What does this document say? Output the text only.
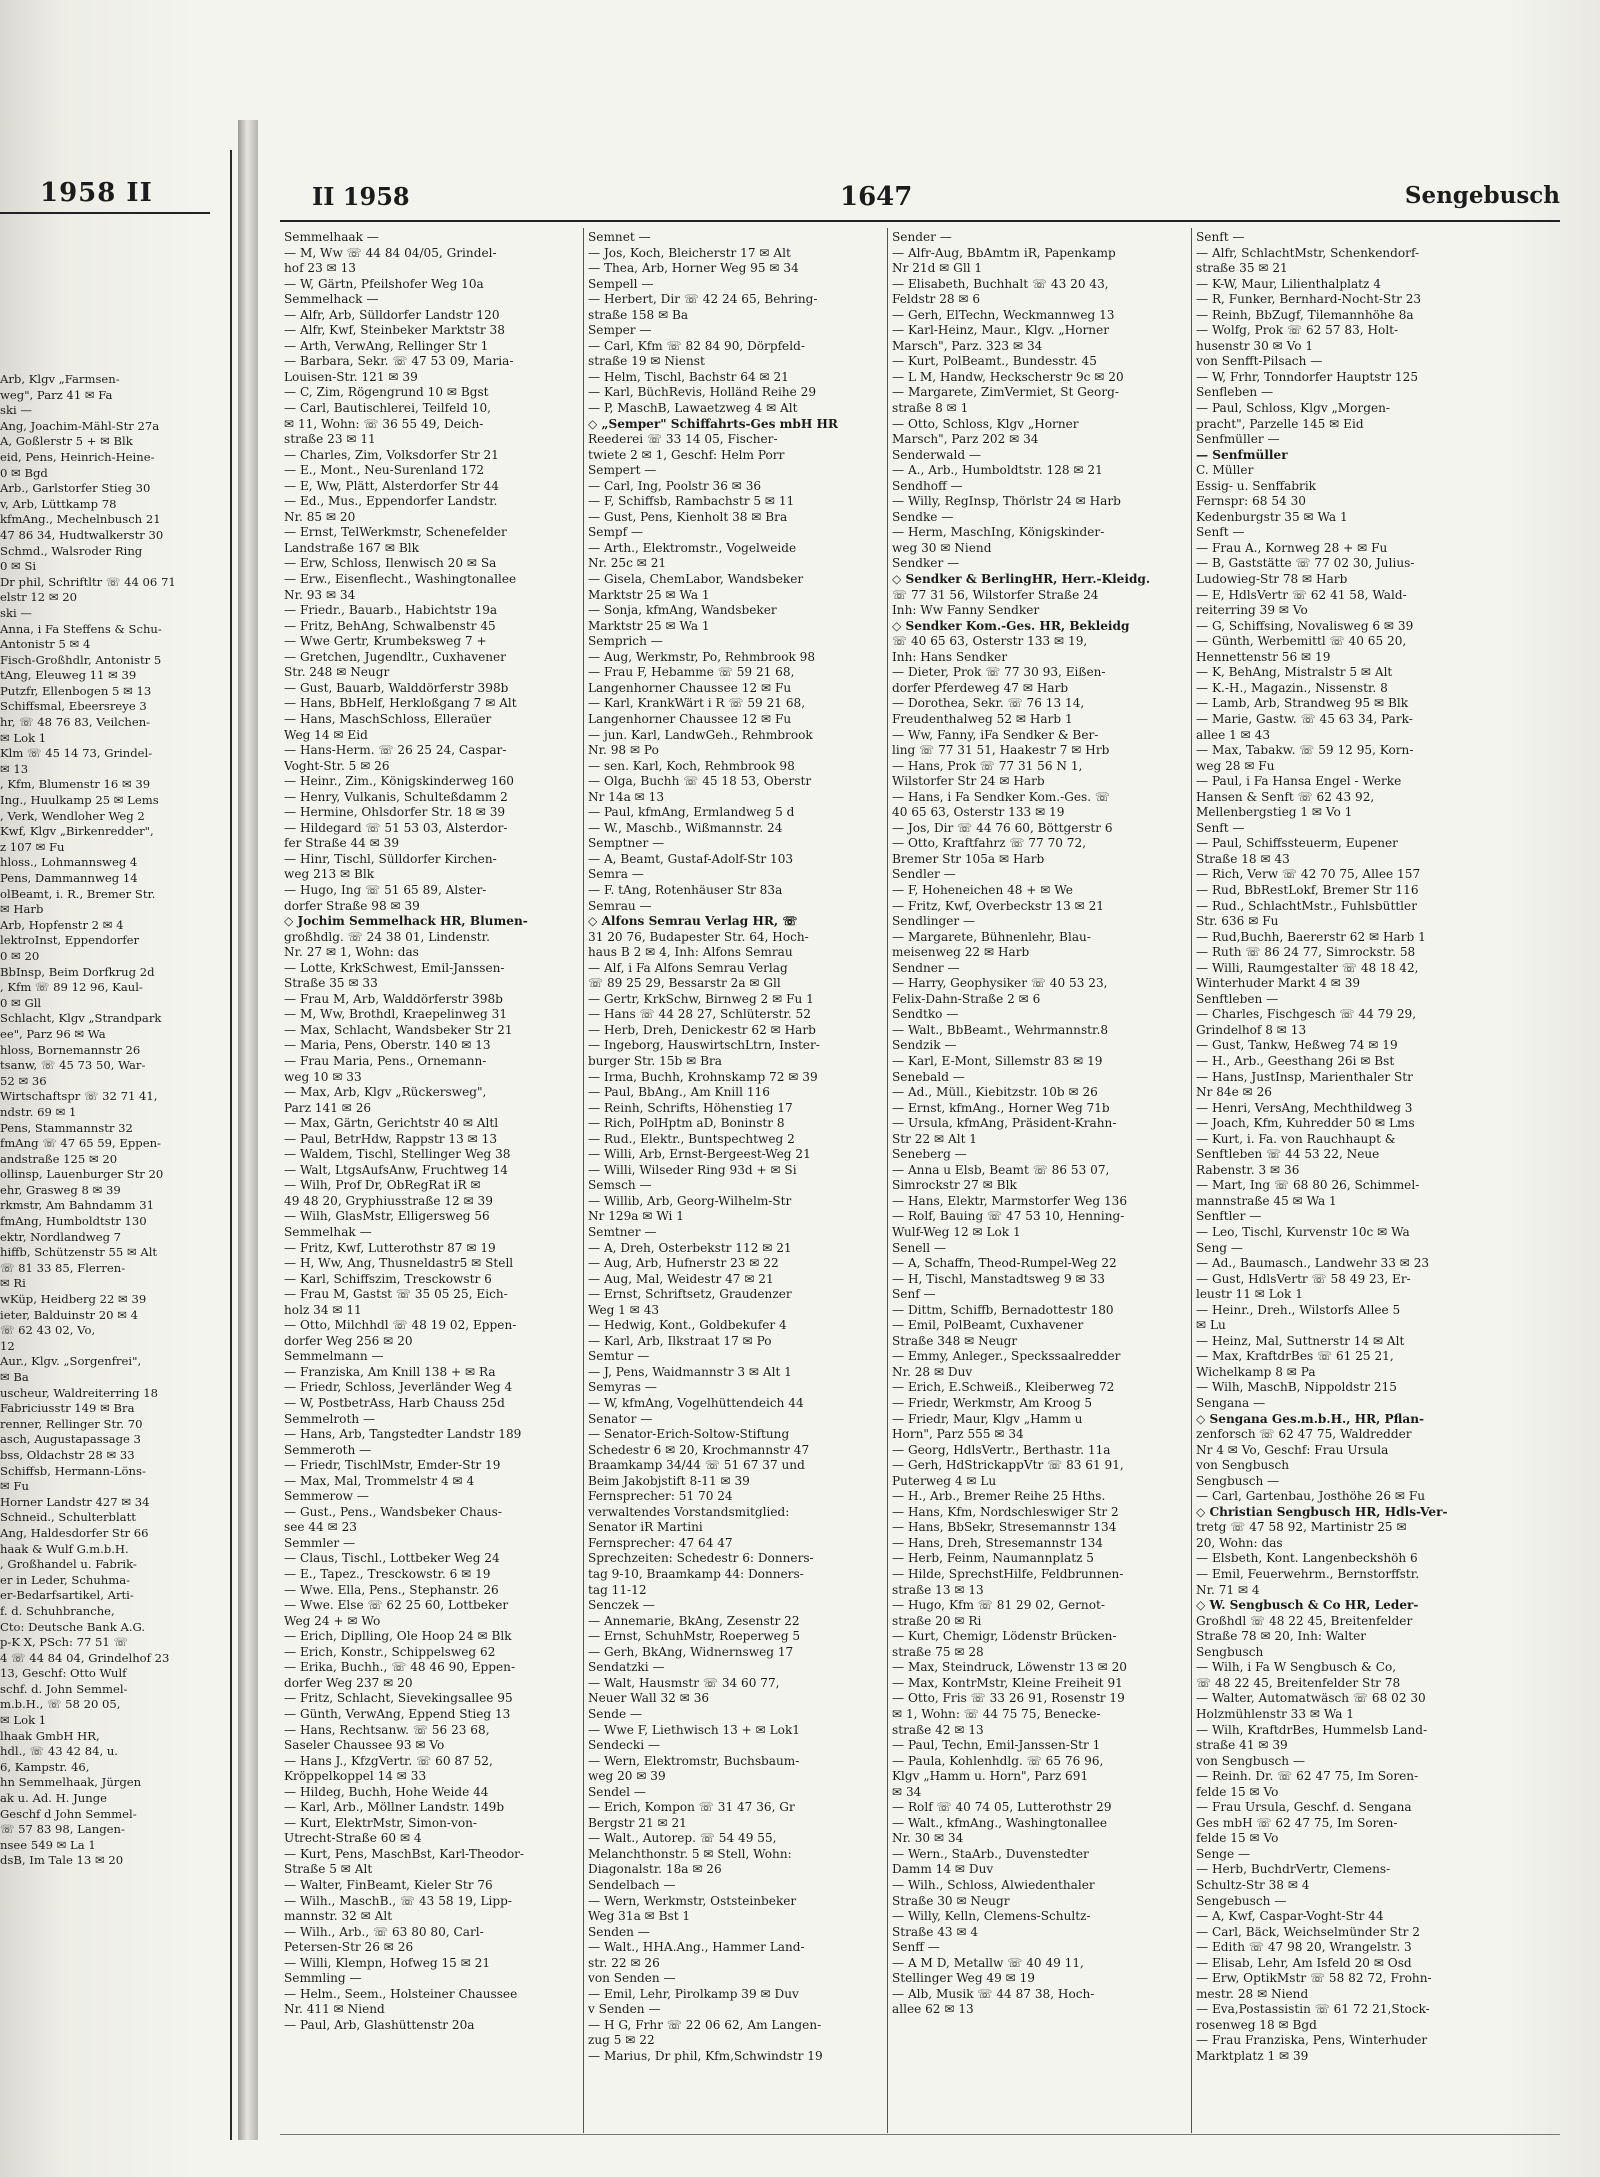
1958 II
Arb, Klgv „Farmsen-
weg", Parz 41 ✉ Fa
ski —
Ang, Joachim-Mähl-Str 27a
A, Goßlerstr 5 + ✉ Blk
eid, Pens, Heinrich-Heine-
0 ✉ Bgd
Arb., Garlstorfer Stieg 30
v, Arb, Lüttkamp 78
kfmAng., Mechelnbusch 21
47 86 34, Hudtwalkerstr 30
Schmd., Walsroder Ring
0 ✉ Si
Dr phil, Schriftltr ☏ 44 06 71
elstr 12 ✉ 20
ski —
Anna, i Fa Steffens & Schu-
Antonistr 5 ✉ 4
Fisch-Großhdlr, Antonistr 5
tAng, Eleuweg 11 ✉ 39
Putzfr, Ellenbogen 5 ✉ 13
Schiffsmal, Ebeersreye 3
hr, ☏ 48 76 83, Veilchen-
✉ Lok 1
Klm ☏ 45 14 73, Grindel-
✉ 13
, Kfm, Blumenstr 16 ✉ 39
Ing., Huulkamp 25 ✉ Lems
, Verk, Wendloher Weg 2
Kwf, Klgv „Birkenredder",
z 107 ✉ Fu
hloss., Lohmannsweg 4
Pens, Dammannweg 14
olBeamt, i. R., Bremer Str.
✉ Harb
Arb, Hopfenstr 2 ✉ 4
lektroInst, Eppendorfer
0 ✉ 20
BbInsp, Beim Dorfkrug 2d
, Kfm ☏ 89 12 96, Kaul-
0 ✉ Gll
Schlacht, Klgv „Strandpark
ee", Parz 96 ✉ Wa
hloss, Bornemannstr 26
tsanw, ☏ 45 73 50, War-
52 ✉ 36
Wirtschaftspr ☏ 32 71 41,
ndstr. 69 ✉ 1
Pens, Stammannstr 32
fmAng ☏ 47 65 59, Eppen-
andstraße 125 ✉ 20
ollinsp, Lauenburger Str 20
ehr, Grasweg 8 ✉ 39
rkmstr, Am Bahndamm 31
fmAng, Humboldtstr 130
ektr, Nordlandweg 7
hiffb, Schützenstr 55 ✉ Alt
☏ 81 33 85, Flerren-
✉ Ri
wKüp, Heidberg 22 ✉ 39
ieter, Balduinstr 20 ✉ 4
☏ 62 43 02, Vo,
12
Aur., Klgv. „Sorgenfrei",
✉ Ba
uscheur, Waldreiterring 18
Fabriciusstr 149 ✉ Bra
renner, Rellinger Str. 70
asch, Augustapassage 3
bss, Oldachstr 28 ✉ 33
Schiffsb, Hermann-Löns-
✉ Fu
Horner Landstr 427 ✉ 34
Schneid., Schulterblatt
Ang, Haldesdorfer Str 66
haak & Wulf G.m.b.H.
, Großhandel u. Fabrik-
er in Leder, Schuhma-
er-Bedarfsartikel, Arti-
f. d. Schuhbranche,
Cto: Deutsche Bank A.G.
p-K X, PSch: 77 51 ☏
4 ☏ 44 84 04, Grindelhof 23
13, Geschf: Otto Wulf
schf. d. John Semmel-
m.b.H., ☏ 58 20 05,
✉ Lok 1
lhaak GmbH HR,
hdl., ☏ 43 42 84, u.
6, Kampstr. 46,
hn Semmelhaak, Jürgen
ak u. Ad. H. Junge
Geschf d John Semmel-
☏ 57 83 98, Langen-
nsee 549 ✉ La 1
dsB, Im Tale 13 ✉ 20
II 1958	1647	Sengebusch
Semmelhaak —
— M, Ww ☏ 44 84 04/05, Grindel-
hof 23 ✉ 13
— W, Gärtn, Pfeilshofer Weg 10a
Semmelhack —
— Alfr, Arb, Sülldorfer Landstr 120
— Alfr, Kwf, Steinbeker Marktstr 38
— Arth, VerwAng, Rellinger Str 1
— Barbara, Sekr. ☏ 47 53 09, Maria-
Louisen-Str. 121 ✉ 39
— C, Zim, Rögengrund 10 ✉ Bgst
— Carl, Bautischlerei, Teilfeld 10,
✉ 11, Wohn: ☏ 36 55 49, Deich-
straße 23 ✉ 11
— Charles, Zim, Volksdorfer Str 21
— E., Mont., Neu-Surenland 172
— E, Ww, Plätt, Alsterdorfer Str 44
— Ed., Mus., Eppendorfer Landstr.
Nr. 85 ✉ 20
— Ernst, TelWerkmstr, Schenefelder
Landstraße 167 ✉ Blk
— Erw, Schloss, Ilenwisch 20 ✉ Sa
— Erw., Eisenflecht., Washingtonallee
Nr. 93 ✉ 34
— Friedr., Bauarb., Habichtstr 19a
— Fritz, BehAng, Schwalbenstr 45
— Wwe Gertr, Krumbeksweg 7 +
— Gretchen, Jugendltr., Cuxhavener
Str. 248 ✉ Neugr
— Gust, Bauarb, Walddörferstr 398b
— Hans, BbHelf, Herkloßgang 7 ✉ Alt
— Hans, MaschSchloss, Elleraüer
Weg 14 ✉ Eid
— Hans-Herm. ☏ 26 25 24, Caspar-
Voght-Str. 5 ✉ 26
— Heinr., Zim., Königskinderweg 160
— Henry, Vulkanis, Schulteßdamm 2
— Hermine, Ohlsdorfer Str. 18 ✉ 39
— Hildegard ☏ 51 53 03, Alsterdor-
fer Straße 44 ✉ 39
— Hinr, Tischl, Sülldorfer Kirchen-
weg 213 ✉ Blk
— Hugo, Ing ☏ 51 65 89, Alster-
dorfer Straße 98 ✉ 39
◇ Jochim Semmelhack HR, Blumen-
großhdlg. ☏ 24 38 01, Lindenstr.
Nr. 27 ✉ 1, Wohn: das
— Lotte, KrkSchwest, Emil-Janssen-
Straße 35 ✉ 33
— Frau M, Arb, Walddörferstr 398b
— M, Ww, Brothdl, Kraepelinweg 31
— Max, Schlacht, Wandsbeker Str 21
— Maria, Pens, Oberstr. 140 ✉ 13
— Frau Maria, Pens., Ornemann-
weg 10 ✉ 33
— Max, Arb, Klgv „Rückersweg",
Parz 141 ✉ 26
— Max, Gärtn, Gerichtstr 40 ✉ Altl
— Paul, BetrHdw, Rappstr 13 ✉ 13
— Waldem, Tischl, Stellinger Weg 38
— Walt, LtgsAufsAnw, Fruchtweg 14
— Wilh, Prof Dr, ObRegRat iR ✉
49 48 20, Gryphiusstraße 12 ✉ 39
— Wilh, GlasMstr, Elligersweg 56
Semmelhak —
— Fritz, Kwf, Lutterothstr 87 ✉ 19
— H, Ww, Ang, Thusneldastr5 ✉ Stell
— Karl, Schiffszim, Tresckowstr 6
— Frau M, Gastst ☏ 35 05 25, Eich-
holz 34 ✉ 11
— Otto, Milchhdl ☏ 48 19 02, Eppen-
dorfer Weg 256 ✉ 20
Semmelmann —
— Franziska, Am Knill 138 + ✉ Ra
— Friedr, Schloss, Jeverländer Weg 4
— W, PostbetrAss, Harb Chauss 25d
Semmelroth —
— Hans, Arb, Tangstedter Landstr 189
Semmeroth —
— Friedr, TischlMstr, Emder-Str 19
— Max, Mal, Trommelstr 4 ✉ 4
Semmerow —
— Gust., Pens., Wandsbeker Chaus-
see 44 ✉ 23
Semmler —
— Claus, Tischl., Lottbeker Weg 24
— E., Tapez., Tresckowstr. 6 ✉ 19
— Wwe. Ella, Pens., Stephanstr. 26
— Wwe. Else ☏ 62 25 60, Lottbeker
Weg 24 + ✉ Wo
— Erich, Diplling, Ole Hoop 24 ✉ Blk
— Erich, Konstr., Schippelsweg 62
— Erika, Buchh., ☏ 48 46 90, Eppen-
dorfer Weg 237 ✉ 20
— Fritz, Schlacht, Sievekingsallee 95
— Günth, VerwAng, Eppend Stieg 13
— Hans, Rechtsanw. ☏ 56 23 68,
Saseler Chaussee 93 ✉ Vo
— Hans J., KfzgVertr. ☏ 60 87 52,
Kröppelkoppel 14 ✉ 33
— Hildeg, Buchh, Hohe Weide 44
— Karl, Arb., Möllner Landstr. 149b
— Kurt, ElektrMstr, Simon-von-
Utrecht-Straße 60 ✉ 4
— Kurt, Pens, MaschBst, Karl-Theodor-
Straße 5 ✉ Alt
— Walter, FinBeamt, Kieler Str 76
— Wilh., MaschB., ☏ 43 58 19, Lipp-
mannstr. 32 ✉ Alt
— Wilh., Arb., ☏ 63 80 80, Carl-
Petersen-Str 26 ✉ 26
— Willi, Klempn, Hofweg 15 ✉ 21
Semmling —
— Helm., Seem., Holsteiner Chaussee
Nr. 411 ✉ Niend
— Paul, Arb, Glashüttenstr 20a
Semnet —
— Jos, Koch, Bleicherstr 17 ✉ Alt
— Thea, Arb, Horner Weg 95 ✉ 34
Sempell —
— Herbert, Dir ☏ 42 24 65, Behring-
straße 158 ✉ Ba
Semper —
— Carl, Kfm ☏ 82 84 90, Dörpfeld-
straße 19 ✉ Nienst
— Helm, Tischl, Bachstr 64 ✉ 21
— Karl, BüchRevis, Holländ Reihe 29
— P, MaschB, Lawaetzweg 4 ✉ Alt
◇ „Semper" Schiffahrts-Ges mbH HR
Reederei ☏ 33 14 05, Fischer-
twiete 2 ✉ 1, Geschf: Helm Porr
Sempert —
— Carl, Ing, Poolstr 36 ✉ 36
— F, Schiffsb, Rambachstr 5 ✉ 11
— Gust, Pens, Kienholt 38 ✉ Bra
Sempf —
— Arth., Elektromstr., Vogelweide
Nr. 25c ✉ 21
— Gisela, ChemLabor, Wandsbeker
Marktstr 25 ✉ Wa 1
— Sonja, kfmAng, Wandsbeker
Marktstr 25 ✉ Wa 1
Semprich —
— Aug, Werkmstr, Po, Rehmbrook 98
— Frau F, Hebamme ☏ 59 21 68,
Langenhorner Chaussee 12 ✉ Fu
— Karl, KrankWärt i R ☏ 59 21 68,
Langenhorner Chaussee 12 ✉ Fu
— jun. Karl, LandwGeh., Rehmbrook
Nr. 98 ✉ Po
— sen. Karl, Koch, Rehmbrook 98
— Olga, Buchh ☏ 45 18 53, Oberstr
Nr 14a ✉ 13
— Paul, kfmAng, Ermlandweg 5 d
— W., Maschb., Wißmannstr. 24
Semptner —
— A, Beamt, Gustaf-Adolf-Str 103
Semra —
— F. tAng, Rotenhäuser Str 83a
Semrau —
◇ Alfons Semrau Verlag HR, ☏
31 20 76, Budapester Str. 64, Hoch-
haus B 2 ✉ 4, Inh: Alfons Semrau
— Alf, i Fa Alfons Semrau Verlag
☏ 89 25 29, Bessarstr 2a ✉ Gll
— Gertr, KrkSchw, Birnweg 2 ✉ Fu 1
— Hans ☏ 44 28 27, Schlüterstr. 52
— Herb, Dreh, Denickestr 62 ✉ Harb
— Ingeborg, HauswirtschLtrn, Inster-
burger Str. 15b ✉ Bra
— Irma, Buchh, Krohnskamp 72 ✉ 39
— Paul, BbAng., Am Knill 116
— Reinh, Schrifts, Höhenstieg 17
— Rich, PolHptm aD, Boninstr 8
— Rud., Elektr., Buntspechtweg 2
— Willi, Arb, Ernst-Bergeest-Weg 21
— Willi, Wilseder Ring 93d + ✉ Si
Semsch —
— Willib, Arb, Georg-Wilhelm-Str
Nr 129a ✉ Wi 1
Semtner —
— A, Dreh, Osterbekstr 112 ✉ 21
— Aug, Arb, Hufnerstr 23 ✉ 22
— Aug, Mal, Weidestr 47 ✉ 21
— Ernst, Schriftsetz, Graudenzer
Weg 1 ✉ 43
— Hedwig, Kont., Goldbekufer 4
— Karl, Arb, Ilkstraat 17 ✉ Po
Semtur —
— J, Pens, Waidmannstr 3 ✉ Alt 1
Semyras —
— W, kfmAng, Vogelhüttendeich 44
Senator —
— Senator-Erich-Soltow-Stiftung
Schedestr 6 ✉ 20, Krochmannstr 47
Braamkamp 34/44 ☏ 51 67 37 und
Beim Jakobjstift 8-11 ✉ 39
Fernsprecher: 51 70 24
verwaltendes Vorstandsmitglied:
Senator iR Martini
Fernsprecher: 47 64 47
Sprechzeiten: Schedestr 6: Donners-
tag 9-10, Braamkamp 44: Donners-
tag 11-12
Senczek —
— Annemarie, BkAng, Zesenstr 22
— Ernst, SchuhMstr, Roeperweg 5
— Gerh, BkAng, Widnernsweg 17
Sendatzki —
— Walt, Hausmstr ☏ 34 60 77,
Neuer Wall 32 ✉ 36
Sende —
— Wwe F, Liethwisch 13 + ✉ Lok1
Sendecki —
— Wern, Elektromstr, Buchsbaum-
weg 20 ✉ 39
Sendel —
— Erich, Kompon ☏ 31 47 36, Gr
Bergstr 21 ✉ 21
— Walt., Autorep. ☏ 54 49 55,
Melanchthonstr. 5 ✉ Stell, Wohn:
Diagonalstr. 18a ✉ 26
Sendelbach —
— Wern, Werkmstr, Oststeinbeker
Weg 31a ✉ Bst 1
Senden —
— Walt., HHA.Ang., Hammer Land-
str. 22 ✉ 26
von Senden —
— Emil, Lehr, Pirolkamp 39 ✉ Duv
v Senden —
— H G, Frhr ☏ 22 06 62, Am Langen-
zug 5 ✉ 22
— Marius, Dr phil, Kfm,Schwindstr 19
Sender —
— Alfr-Aug, BbAmtm iR, Papenkamp
Nr 21d ✉ Gll 1
— Elisabeth, Buchhalt ☏ 43 20 43,
Feldstr 28 ✉ 6
— Gerh, ElTechn, Weckmannweg 13
— Karl-Heinz, Maur., Klgv. „Horner
Marsch", Parz. 323 ✉ 34
— Kurt, PolBeamt., Bundesstr. 45
— L M, Handw, Heckscherstr 9c ✉ 20
— Margarete, ZimVermiet, St Georg-
straße 8 ✉ 1
— Otto, Schloss, Klgv „Horner
Marsch", Parz 202 ✉ 34
Senderwald —
— A., Arb., Humboldtstr. 128 ✉ 21
Sendhoff —
— Willy, RegInsp, Thörlstr 24 ✉ Harb
Sendke —
— Herm, MaschIng, Königskinder-
weg 30 ✉ Niend
Sendker —
◇ Sendker & BerlingHR, Herr.-Kleidg.
☏ 77 31 56, Wilstorfer Straße 24
Inh: Ww Fanny Sendker
◇ Sendker Kom.-Ges. HR, Bekleidg
☏ 40 65 63, Osterstr 133 ✉ 19,
Inh: Hans Sendker
— Dieter, Prok ☏ 77 30 93, Eißen-
dorfer Pferdeweg 47 ✉ Harb
— Dorothea, Sekr. ☏ 76 13 14,
Freudenthalweg 52 ✉ Harb 1
— Ww, Fanny, iFa Sendker & Ber-
ling ☏ 77 31 51, Haakestr 7 ✉ Hrb
— Hans, Prok ☏ 77 31 56 N 1,
Wilstorfer Str 24 ✉ Harb
— Hans, i Fa Sendker Kom.-Ges. ☏
40 65 63, Osterstr 133 ✉ 19
— Jos, Dir ☏ 44 76 60, Böttgerstr 6
— Otto, Kraftfahrz ☏ 77 70 72,
Bremer Str 105a ✉ Harb
Sendler —
— F, Hoheneichen 48 + ✉ We
— Fritz, Kwf, Overbeckstr 13 ✉ 21
Sendlinger —
— Margarete, Bühnenlehr, Blau-
meisenweg 22 ✉ Harb
Sendner —
— Harry, Geophysiker ☏ 40 53 23,
Felix-Dahn-Straße 2 ✉ 6
Sendtko —
— Walt., BbBeamt., Wehrmannstr.8
Sendzik —
— Karl, E-Mont, Sillemstr 83 ✉ 19
Senebald —
— Ad., Müll., Kiebitzstr. 10b ✉ 26
— Ernst, kfmAng., Horner Weg 71b
— Ursula, kfmAng, Präsident-Krahn-
Str 22 ✉ Alt 1
Seneberg —
— Anna u Elsb, Beamt ☏ 86 53 07,
Simrockstr 27 ✉ Blk
— Hans, Elektr, Marmstorfer Weg 136
— Rolf, Bauing ☏ 47 53 10, Henning-
Wulf-Weg 12 ✉ Lok 1
Senell —
— A, Schaffn, Theod-Rumpel-Weg 22
— H, Tischl, Manstadtsweg 9 ✉ 33
Senf —
— Dittm, Schiffb, Bernadottestr 180
— Emil, PolBeamt, Cuxhavener
Straße 348 ✉ Neugr
— Emmy, Anleger., Speckssaalredder
Nr. 28 ✉ Duv
— Erich, E.Schweiß., Kleiberweg 72
— Friedr, Werkmstr, Am Kroog 5
— Friedr, Maur, Klgv „Hamm u
Horn", Parz 555 ✉ 34
— Georg, HdlsVertr., Berthastr. 11a
— Gerh, HdStrickappVtr ☏ 83 61 91,
Puterweg 4 ✉ Lu
— H., Arb., Bremer Reihe 25 Hths.
— Hans, Kfm, Nordschleswiger Str 2
— Hans, BbSekr, Stresemannstr 134
— Hans, Dreh, Stresemannstr 134
— Herb, Feinm, Naumannplatz 5
— Hilde, SprechstHilfe, Feldbrunnen-
straße 13 ✉ 13
— Hugo, Kfm ☏ 81 29 02, Gernot-
straße 20 ✉ Ri
— Kurt, Chemigr, Lödenstr Brücken-
straße 75 ✉ 28
— Max, Steindruck, Löwenstr 13 ✉ 20
— Max, KontrMstr, Kleine Freiheit 91
— Otto, Fris ☏ 33 26 91, Rosenstr 19
✉ 1, Wohn: ☏ 44 75 75, Benecke-
straße 42 ✉ 13
— Paul, Techn, Emil-Janssen-Str 1
— Paula, Kohlenhdlg. ☏ 65 76 96,
Klgv „Hamm u. Horn", Parz 691
✉ 34
— Rolf ☏ 40 74 05, Lutterothstr 29
— Walt., kfmAng., Washingtonallee
Nr. 30 ✉ 34
— Wern., StaArb., Duvenstedter
Damm 14 ✉ Duv
— Wilh., Schloss, Alwiedenthaler
Straße 30 ✉ Neugr
— Willy, Kelln, Clemens-Schultz-
Straße 43 ✉ 4
Senff —
— A M D, Metallw ☏ 40 49 11,
Stellinger Weg 49 ✉ 19
— Alb, Musik ☏ 44 87 38, Hoch-
allee 62 ✉ 13
Senft —
— Alfr, SchlachtMstr, Schenkendorf-
straße 35 ✉ 21
— K-W, Maur, Lilienthalplatz 4
— R, Funker, Bernhard-Nocht-Str 23
— Reinh, BbZugf, Tilemannhöhe 8a
— Wolfg, Prok ☏ 62 57 83, Holt-
husenstr 30 ✉ Vo 1
von Senfft-Pilsach —
— W, Frhr, Tonndorfer Hauptstr 125
Senfleben —
— Paul, Schloss, Klgv „Morgen-
pracht", Parzelle 145 ✉ Eid
Senfmüller —
— Senfmüller
C. Müller
Essig- u. Senffabrik
Fernspr: 68 54 30
Kedenburgstr 35 ✉ Wa 1
Senft —
— Frau A., Kornweg 28 + ✉ Fu
— B, Gaststätte ☏ 77 02 30, Julius-
Ludowieg-Str 78 ✉ Harb
— E, HdlsVertr ☏ 62 41 58, Wald-
reiterring 39 ✉ Vo
— G, Schiffsing, Novalisweg 6 ✉ 39
— Günth, Werbemittl ☏ 40 65 20,
Hennettenstr 56 ✉ 19
— K, BehAng, Mistralstr 5 ✉ Alt
— K.-H., Magazin., Nissenstr. 8
— Lamb, Arb, Strandweg 95 ✉ Blk
— Marie, Gastw. ☏ 45 63 34, Park-
allee 1 ✉ 43
— Max, Tabakw. ☏ 59 12 95, Korn-
weg 28 ✉ Fu
— Paul, i Fa Hansa Engel - Werke
Hansen & Senft ☏ 62 43 92,
Mellenbergstieg 1 ✉ Vo 1
Senft —
— Paul, Schiffssteuerm, Eupener
Straße 18 ✉ 43
— Rich, Verw ☏ 42 70 75, Allee 157
— Rud, BbRestLokf, Bremer Str 116
— Rud., SchlachtMstr., Fuhlsbüttler
Str. 636 ✉ Fu
— Rud,Buchh, Baererstr 62 ✉ Harb 1
— Ruth ☏ 86 24 77, Simrockstr. 58
— Willi, Raumgestalter ☏ 48 18 42,
Winterhuder Markt 4 ✉ 39
Senftleben —
— Charles, Fischgesch ☏ 44 79 29,
Grindelhof 8 ✉ 13
— Gust, Tankw, Heßweg 74 ✉ 19
— H., Arb., Geesthang 26i ✉ Bst
— Hans, JustInsp, Marienthaler Str
Nr 84e ✉ 26
— Henri, VersAng, Mechthildweg 3
— Joach, Kfm, Kuhredder 50 ✉ Lms
— Kurt, i. Fa. von Rauchhaupt &
Senftleben ☏ 44 53 22, Neue
Rabenstr. 3 ✉ 36
— Mart, Ing ☏ 68 80 26, Schimmel-
mannstraße 45 ✉ Wa 1
Senftler —
— Leo, Tischl, Kurvenstr 10c ✉ Wa
Seng —
— Ad., Baumasch., Landwehr 33 ✉ 23
— Gust, HdlsVertr ☏ 58 49 23, Er-
leustr 11 ✉ Lok 1
— Heinr., Dreh., Wilstorfs Allee 5
✉ Lu
— Heinz, Mal, Suttnerstr 14 ✉ Alt
— Max, KraftdrBes ☏ 61 25 21,
Wichelkamp 8 ✉ Pa
— Wilh, MaschB, Nippoldstr 215
Sengana —
◇ Sengana Ges.m.b.H., HR, Pflan-
zenforsch ☏ 62 47 75, Waldredder
Nr 4 ✉ Vo, Geschf: Frau Ursula
von Sengbusch
Sengbusch —
— Carl, Gartenbau, Josthöhe 26 ✉ Fu
◇ Christian Sengbusch HR, Hdls-Ver-
tretg ☏ 47 58 92, Martinistr 25 ✉
20, Wohn: das
— Elsbeth, Kont. Langenbeckshöh 6
— Emil, Feuerwehrm., Bernstorffstr.
Nr. 71 ✉ 4
◇ W. Sengbusch & Co HR, Leder-
Großhdl ☏ 48 22 45, Breitenfelder
Straße 78 ✉ 20, Inh: Walter
Sengbusch
— Wilh, i Fa W Sengbusch & Co,
☏ 48 22 45, Breitenfelder Str 78
— Walter, Automatwäsch ☏ 68 02 30
Holzmühlenstr 33 ✉ Wa 1
— Wilh, KraftdrBes, Hummelsb Land-
straße 41 ✉ 39
von Sengbusch —
— Reinh. Dr. ☏ 62 47 75, Im Soren-
felde 15 ✉ Vo
— Frau Ursula, Geschf. d. Sengana
Ges mbH ☏ 62 47 75, Im Soren-
felde 15 ✉ Vo
Senge —
— Herb, BuchdrVertr, Clemens-
Schultz-Str 38 ✉ 4
Sengebusch —
— A, Kwf, Caspar-Voght-Str 44
— Carl, Bäck, Weichselmünder Str 2
— Edith ☏ 47 98 20, Wrangelstr. 3
— Elisab, Lehr, Am Isfeld 20 ✉ Osd
— Erw, OptikMstr ☏ 58 82 72, Frohn-
mestr. 28 ✉ Niend
— Eva,Postassistin ☏ 61 72 21,Stock-
rosenweg 18 ✉ Bgd
— Frau Franziska, Pens, Winterhuder
Marktplatz 1 ✉ 39
